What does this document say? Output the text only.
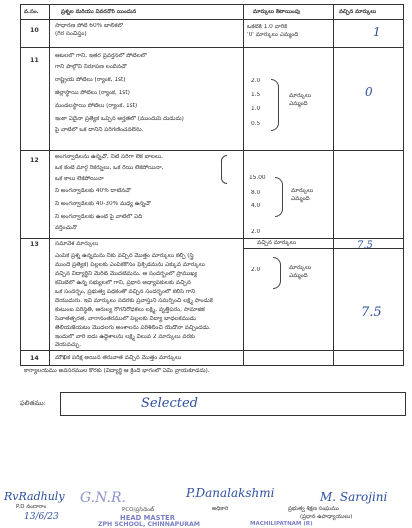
వ.సం.	ప్రశ్నల మరియు వివరనోర్ యిందున	మార్కులు కేటాయింపు	వచ్చిన మార్కులు
10
సాధారణ పోటీ 60% బాలికలో
(గిర సంచిప్తం)
ఒకటికి 1.0 వారికి
'0' మార్కులు ఎమ్మంది	1
11
ఆటలలో గాని, ఇతర ప్రవర్తనలో పోటీలలో
గాని పాల్గొని నిరూపణ లందినచో
రాష్ట్రీయ పోటీలు (ర్యాంక, 1st)
జిల్లాస్థాయి పోటీలు (ర్యాంక, 1st)
మండలస్థాయి పోటీలు (ర్యాంక, 1st)
ఇంకా ఏదైనా ప్రత్యేక ఒప్పిన అర్హతలో (ముందుపే దుడుదు)
పై వాటిలో ఒక దానిని పరిగణించవలెను.
2.0
1.5
1.0
0.5
మార్కులు
ఎమ్మంది
0
12	అంగన్వాడీలను ఉన్నచో, నీటి సరిగా లేక బాలలు,
ఒక కంటి మార్గ రేకర్నులు, ఒక రేయి లేకపోయినా,
ఒక కాలు లేకపోయినా
నీ అంగన్వాడీలకు 40% దాటినచో
నీ అంగన్వాడీలకు 40-30% మధ్య ఉన్నచో
నీ అంగన్వాడీలకు ఉంటి పై వాటిలో ఏది
వర్తించునో
15.00
8.0
4.0
2.0
మార్కులు
ఎమ్మంది
13	సమావేశ మార్కులు	వచ్చిన మార్కులు	7.5
ఎంపిక ప్రశ్న ఉన్నమను నీకు వచ్చిన మొత్తం మార్కులు కల్పి (స్త్రీ
ముందే ప్రత్యేక) పిల్లలకు ఎంపికకోసం ఫిక్సిడమను ఎక్కువ మార్కులు
వచ్చిన విద్యార్థిని మెరిట్ మొదటిమను. ఆ సందర్భంలో ప్రాముఖ్య
కమిటీలో ఉన్న సభ్యులలో గాని, ప్రధాన అధ్యాపకులకు వచ్చిన
ఒక సందర్భం, ప్రభుత్వ పథకంతో వచ్చిన సందర్భంలో కలిసి గాని
దేయుదురు. ఇవి మార్కులు సదరకు ప్రవాస్తుని సమర్పించి లక్ష్మీ పాండుకె
కుటుంబ పరిస్థితి, ఆరుల్య రోగనిరోధకలు లక్ష్మీ, వృత్తిపరం, సామాజిక
సేవాతత్పరత, వారానంతరములో పిల్లలకు విద్యా బాధలకముడు
తెలియజేయటం మొదలగు అంశాలను పరిశీలించి యేదోనా వచ్చిందడు.
ఇందులో వారి ఐదు ఉద్దేశాలను లక్ష్మీ విలువ 2 మార్కులు వరకు
వేయవచ్చు.
2.0	మార్కులు
ఎమ్మంది
7.5
14	మౌఖిక పరీక్ష అయిన తరువాత వచ్చిన మొత్తం మార్కులు
కార్యాలయము అవసరముల కొరకు (విద్యార్థి ఆ క్రింది భాగంలో ఏమీ వ్రాయకూడదు).
ఫలితము:	Selected
RvRadhuly
P.D నందారాం
13/6/23
G.N.R.	P.Danalakshmi	M. Sarojini
PCO/ప్రసిడెంట్	అధికారి	ప్రభుత్వ శిక్షణ సంఘము
HEAD MASTER	(ప్రధాన ఉపాధ్యాయులు)
ZPH SCHOOL, CHINNAPURAM	MACHILIPATNAM (R)
